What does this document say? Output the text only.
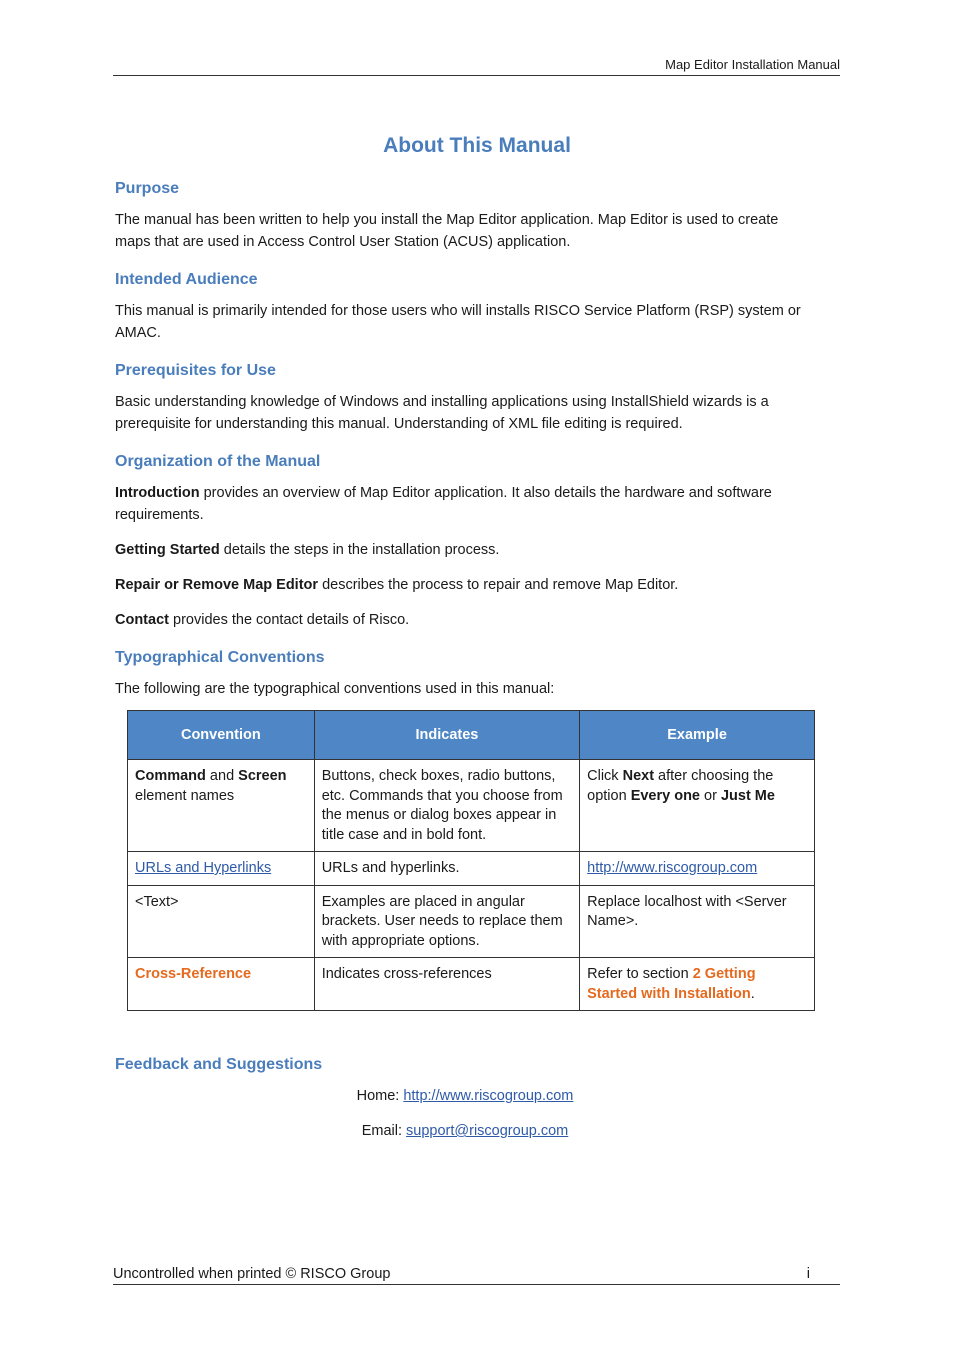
Map Editor Installation Manual
About This Manual
Purpose

The manual has been written to help you install the Map Editor application. Map Editor is used to create maps that are used in Access Control User Station (ACUS) application.

Intended Audience

This manual is primarily intended for those users who will installs RISCO Service Platform (RSP) system or AMAC.

Prerequisites for Use

Basic understanding knowledge of Windows and installing applications using InstallShield wizards is a prerequisite for understanding this manual. Understanding of XML file editing is required.

Organization of the Manual

Introduction provides an overview of Map Editor application. It also details the hardware and software requirements.

Getting Started details the steps in the installation process.

Repair or Remove Map Editor describes the process to repair and remove Map Editor.

Contact provides the contact details of Risco.

Typographical Conventions

The following are the typographical conventions used in this manual:

Convention	Indicates	Example
Command and Screen
element names	Buttons, check boxes, radio buttons, etc. Commands that you choose from the menus or dialog boxes appear in title case and in bold font.	Click Next after choosing the option Every one or Just Me
URLs and Hyperlinks	URLs and hyperlinks.	http://www.riscogroup.com
<Text>	Examples are placed in angular brackets. User needs to replace them with appropriate options.	Replace localhost with <Server Name>.
Cross-Reference	Indicates cross-references	Refer to section 2 Getting Started with Installation.
Feedback and Suggestions
Home: http://www.riscogroup.com
Email: support@riscogroup.com
Uncontrolled when printed © RISCO Group	i
